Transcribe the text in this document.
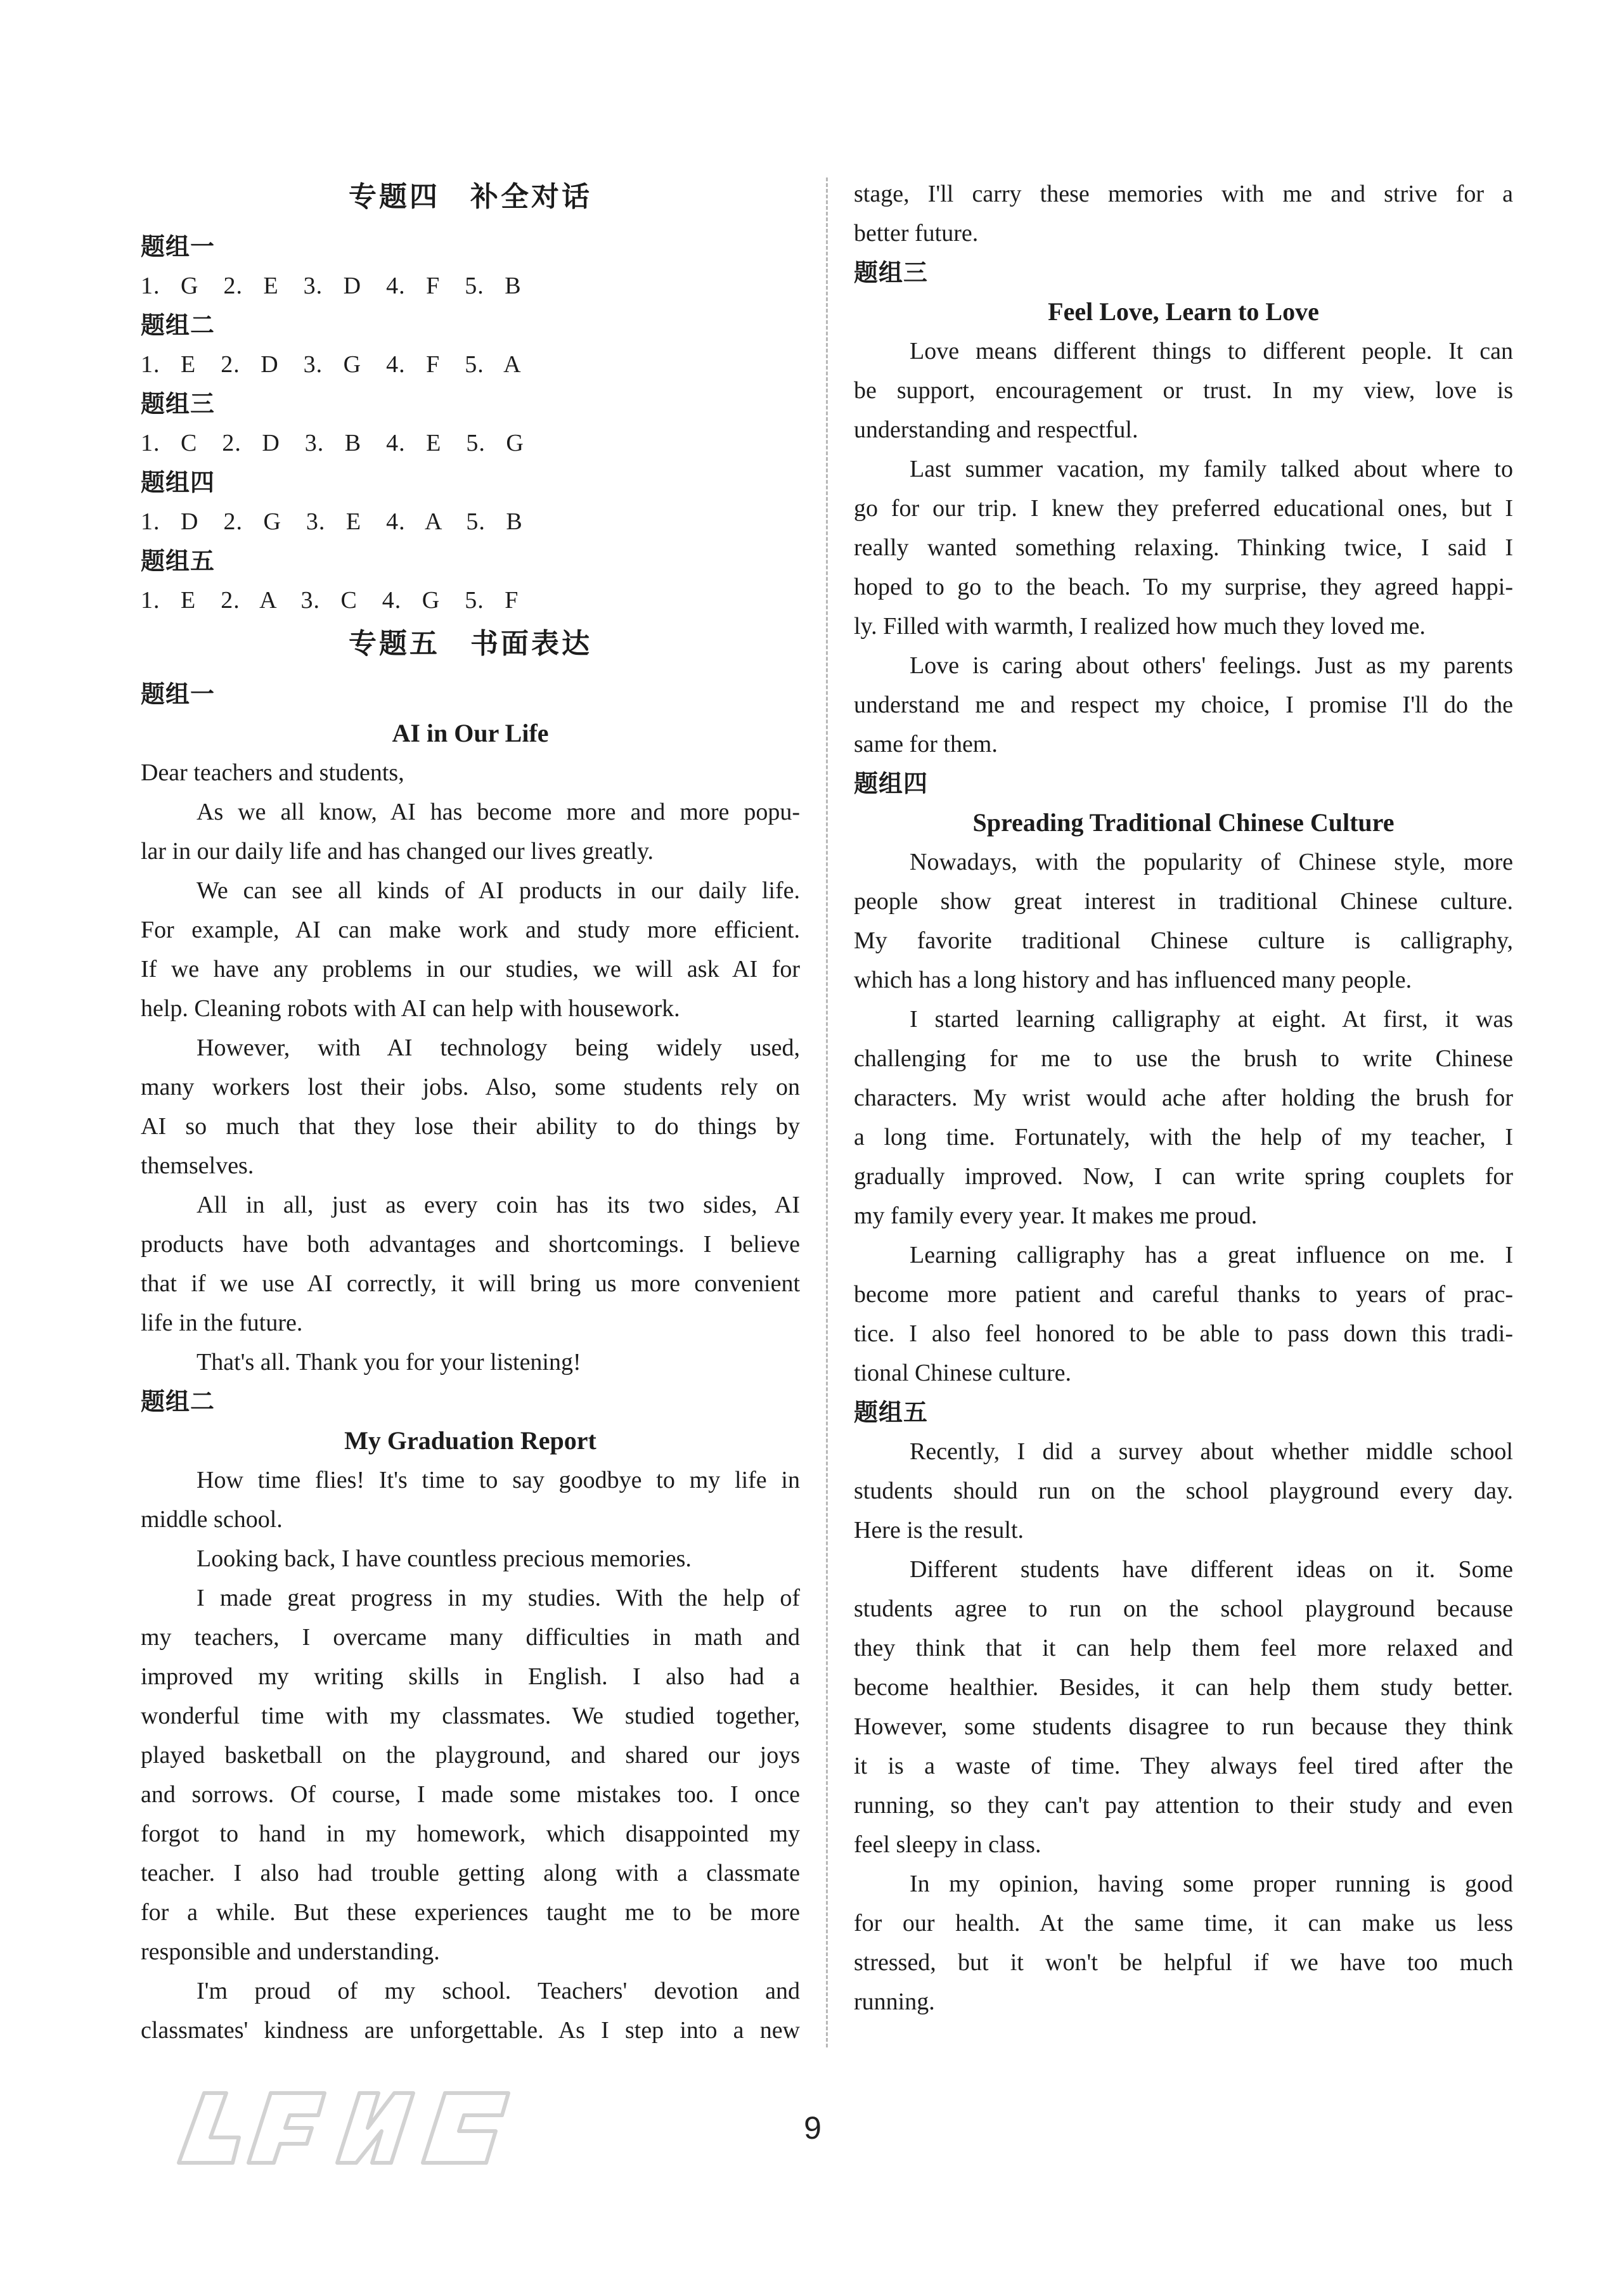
专题四　补全对话
题组一
1. G　2. E　3. D　4. F　5. B
题组二
1. E　2. D　3. G　4. F　5. A
题组三
1. C　2. D　3. B　4. E　5. G
题组四
1. D　2. G　3. E　4. A　5. B
题组五
1. E　2. A　3. C　4. G　5. F
专题五　书面表达
题组一
AI in Our Life
Dear teachers and students,
As we all know, AI has become more and more popu-
lar in our daily life and has changed our lives greatly.
We can see all kinds of AI products in our daily life.
For example, AI can make work and study more efficient.
If we have any problems in our studies, we will ask AI for
help. Cleaning robots with AI can help with housework.
However, with AI technology being widely used,
many workers lost their jobs. Also, some students rely on
AI so much that they lose their ability to do things by
themselves.
All in all, just as every coin has its two sides, AI
products have both advantages and shortcomings. I believe
that if we use AI correctly, it will bring us more convenient
life in the future.
That's all. Thank you for your listening!
题组二
My Graduation Report
How time flies! It's time to say goodbye to my life in
middle school.
Looking back, I have countless precious memories.
I made great progress in my studies. With the help of
my teachers, I overcame many difficulties in math and
improved my writing skills in English. I also had a
wonderful time with my classmates. We studied together,
played basketball on the playground, and shared our joys
and sorrows. Of course, I made some mistakes too. I once
forgot to hand in my homework, which disappointed my
teacher. I also had trouble getting along with a classmate
for a while. But these experiences taught me to be more
responsible and understanding.
I'm proud of my school. Teachers' devotion and
classmates' kindness are unforgettable. As I step into a new
stage, I'll carry these memories with me and strive for a
better future.
题组三
Feel Love, Learn to Love
Love means different things to different people. It can
be support, encouragement or trust. In my view, love is
understanding and respectful.
Last summer vacation, my family talked about where to
go for our trip. I knew they preferred educational ones, but I
really wanted something relaxing. Thinking twice, I said I
hoped to go to the beach. To my surprise, they agreed happi-
ly. Filled with warmth, I realized how much they loved me.
Love is caring about others' feelings. Just as my parents
understand me and respect my choice, I promise I'll do the
same for them.
题组四
Spreading Traditional Chinese Culture
Nowadays, with the popularity of Chinese style, more
people show great interest in traditional Chinese culture.
My favorite traditional Chinese culture is calligraphy,
which has a long history and has influenced many people.
I started learning calligraphy at eight. At first, it was
challenging for me to use the brush to write Chinese
characters. My wrist would ache after holding the brush for
a long time. Fortunately, with the help of my teacher, I
gradually improved. Now, I can write spring couplets for
my family every year. It makes me proud.
Learning calligraphy has a great influence on me. I
become more patient and careful thanks to years of prac-
tice. I also feel honored to be able to pass down this tradi-
tional Chinese culture.
题组五
Recently, I did a survey about whether middle school
students should run on the school playground every day.
Here is the result.
Different students have different ideas on it. Some
students agree to run on the school playground because
they think that it can help them feel more relaxed and
become healthier. Besides, it can help them study better.
However, some students disagree to run because they think
it is a waste of time. They always feel tired after the
running, so they can't pay attention to their study and even
feel sleepy in class.
In my opinion, having some proper running is good
for our health. At the same time, it can make us less
stressed, but it won't be helpful if we have too much
running.
9
